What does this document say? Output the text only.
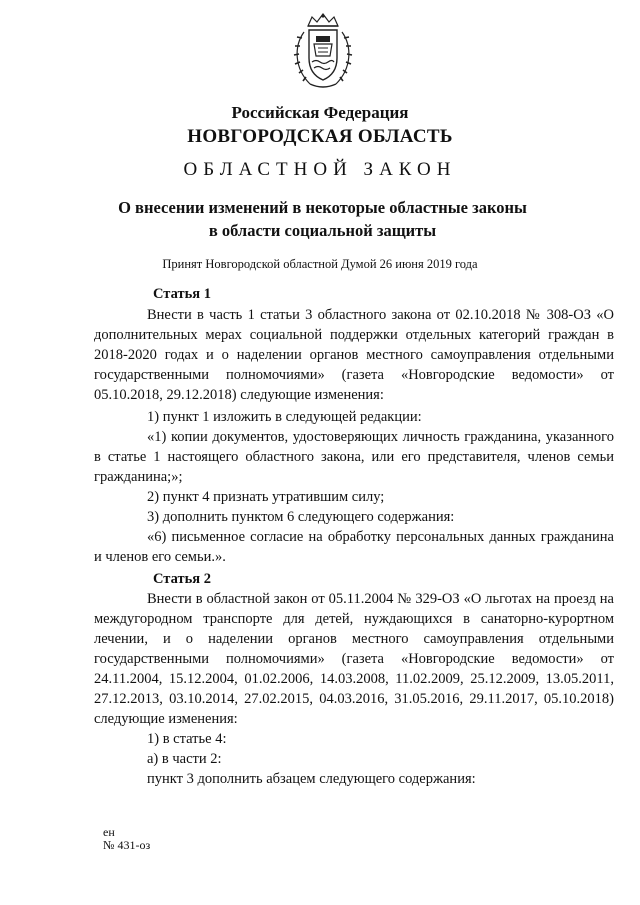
Российская Федерация
НОВГОРОДСКАЯ ОБЛАСТЬ
ОБЛАСТНОЙ ЗАКОН
О внесении изменений в некоторые областные законы
в области социальной защиты
Принят Новгородской областной Думой 26 июня 2019 года
Статья 1

Внести в часть 1 статьи 3 областного закона от 02.10.2018 № 308-ОЗ «О дополнительных мерах социальной поддержки отдельных категорий граждан в 2018-2020 годах и о наделении органов местного самоуправления отдельными государственными полномочиями» (газета «Новгородские ведомости» от 05.10.2018, 29.12.2018) следующие изменения:

1) пункт 1 изложить в следующей редакции:

«1) копии документов, удостоверяющих личность гражданина, указанного в статье 1 настоящего областного закона, или его представителя, членов семьи гражданина;»;

2) пункт 4 признать утратившим силу;

3) дополнить пунктом 6 следующего содержания:

«6) письменное согласие на обработку персональных данных гражданина и членов его семьи.».

Статья 2

Внести в областной закон от 05.11.2004 № 329-ОЗ «О льготах на проезд на междугородном транспорте для детей, нуждающихся в санаторно-курортном лечении, и о наделении органов местного самоуправления отдельными государственными полномочиями» (газета «Новгородские ведомости» от 24.11.2004, 15.12.2004, 01.02.2006, 14.03.2008, 11.02.2009, 25.12.2009, 13.05.2011, 27.12.2013, 03.10.2014, 27.02.2015, 04.03.2016, 31.05.2016, 29.11.2017, 05.10.2018) следующие изменения:

1) в статье 4:

а) в части 2:

пункт 3 дополнить абзацем следующего содержания:

ен
№ 431-оз
